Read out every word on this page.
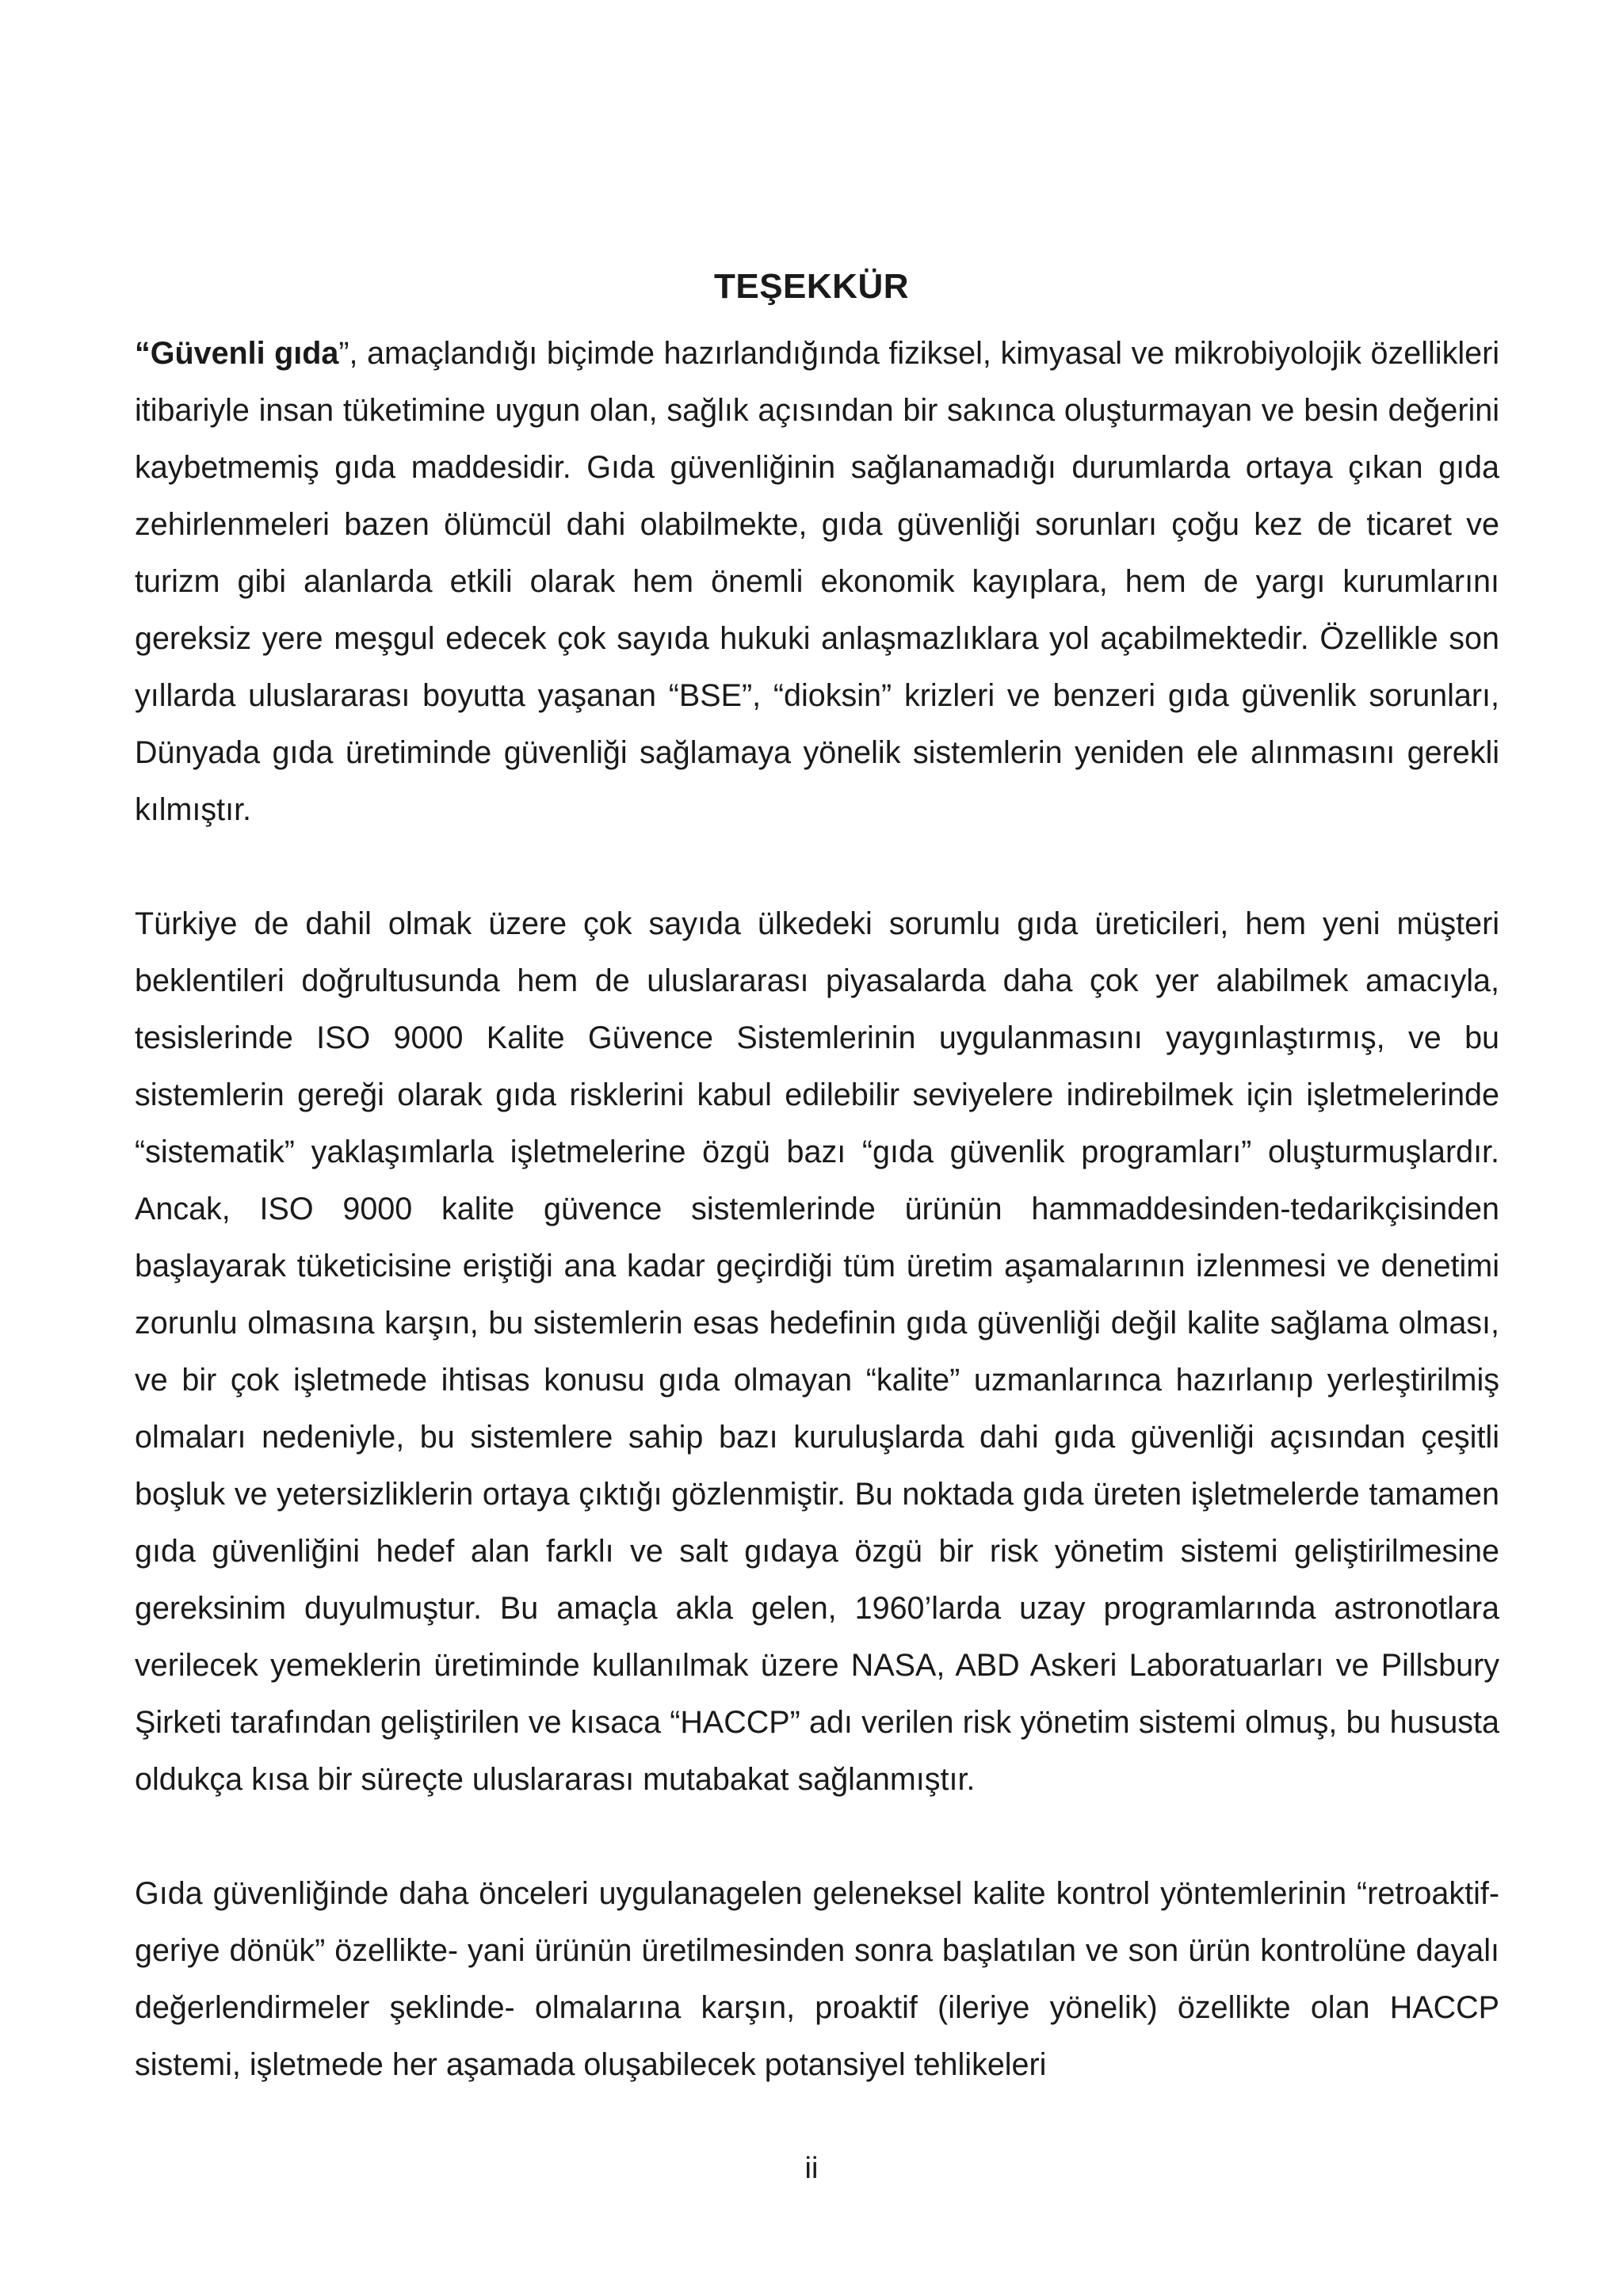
TEŞEKKÜR

“Güvenli gıda”, amaçlandığı biçimde hazırlandığında fiziksel, kimyasal ve mikrobiyolojik özellikleri itibariyle insan tüketimine uygun olan, sağlık açısından bir sakınca oluşturmayan ve besin değerini kaybetmemiş gıda maddesidir. Gıda güvenliğinin sağlanamadığı durumlarda ortaya çıkan gıda zehirlenmeleri bazen ölümcül dahi olabilmekte, gıda güvenliği sorunları çoğu kez de ticaret ve turizm gibi alanlarda etkili olarak hem önemli ekonomik kayıplara, hem de yargı kurumlarını gereksiz yere meşgul edecek çok sayıda hukuki anlaşmazlıklara yol açabilmektedir. Özellikle son yıllarda uluslararası boyutta yaşanan “BSE”, “dioksin” krizleri ve benzeri gıda güvenlik sorunları, Dünyada gıda üretiminde güvenliği sağlamaya yönelik sistemlerin yeniden ele alınmasını gerekli kılmıştır.

Türkiye de dahil olmak üzere çok sayıda ülkedeki sorumlu gıda üreticileri, hem yeni müşteri beklentileri doğrultusunda hem de uluslararası piyasalarda daha çok yer alabilmek amacıyla, tesislerinde ISO 9000 Kalite Güvence Sistemlerinin uygulanmasını yaygınlaştırmış, ve bu sistemlerin gereği olarak gıda risklerini kabul edilebilir seviyelere indirebilmek için işletmelerinde “sistematik” yaklaşımlarla işletmelerine özgü bazı “gıda güvenlik programları” oluşturmuşlardır. Ancak, ISO 9000 kalite güvence sistemlerinde ürünün hammaddesinden-tedarikçisinden başlayarak tüketicisine eriştiği ana kadar geçirdiği tüm üretim aşamalarının izlenmesi ve denetimi zorunlu olmasına karşın, bu sistemlerin esas hedefinin gıda güvenliği değil kalite sağlama olması, ve bir çok işletmede ihtisas konusu gıda olmayan “kalite” uzmanlarınca hazırlanıp yerleştirilmiş olmaları nedeniyle, bu sistemlere sahip bazı kuruluşlarda dahi gıda güvenliği açısından çeşitli boşluk ve yetersizliklerin ortaya çıktığı gözlenmiştir. Bu noktada gıda üreten işletmelerde tamamen gıda güvenliğini hedef alan farklı ve salt gıdaya özgü bir risk yönetim sistemi geliştirilmesine gereksinim duyulmuştur. Bu amaçla akla gelen, 1960’larda uzay programlarında astronotlara verilecek yemeklerin üretiminde kullanılmak üzere NASA, ABD Askeri Laboratuarları ve Pillsbury Şirketi tarafından geliştirilen ve kısaca “HACCP” adı verilen risk yönetim sistemi olmuş, bu hususta oldukça kısa bir süreçte uluslararası mutabakat sağlanmıştır.

Gıda güvenliğinde daha önceleri uygulanagelen geleneksel kalite kontrol yöntemlerinin “retroaktif-geriye dönük” özellikte- yani ürünün üretilmesinden sonra başlatılan ve son ürün kontrolüne dayalı değerlendirmeler şeklinde- olmalarına karşın, proaktif (ileriye yönelik) özellikte olan HACCP sistemi, işletmede her aşamada oluşabilecek potansiyel tehlikeleri

ii
